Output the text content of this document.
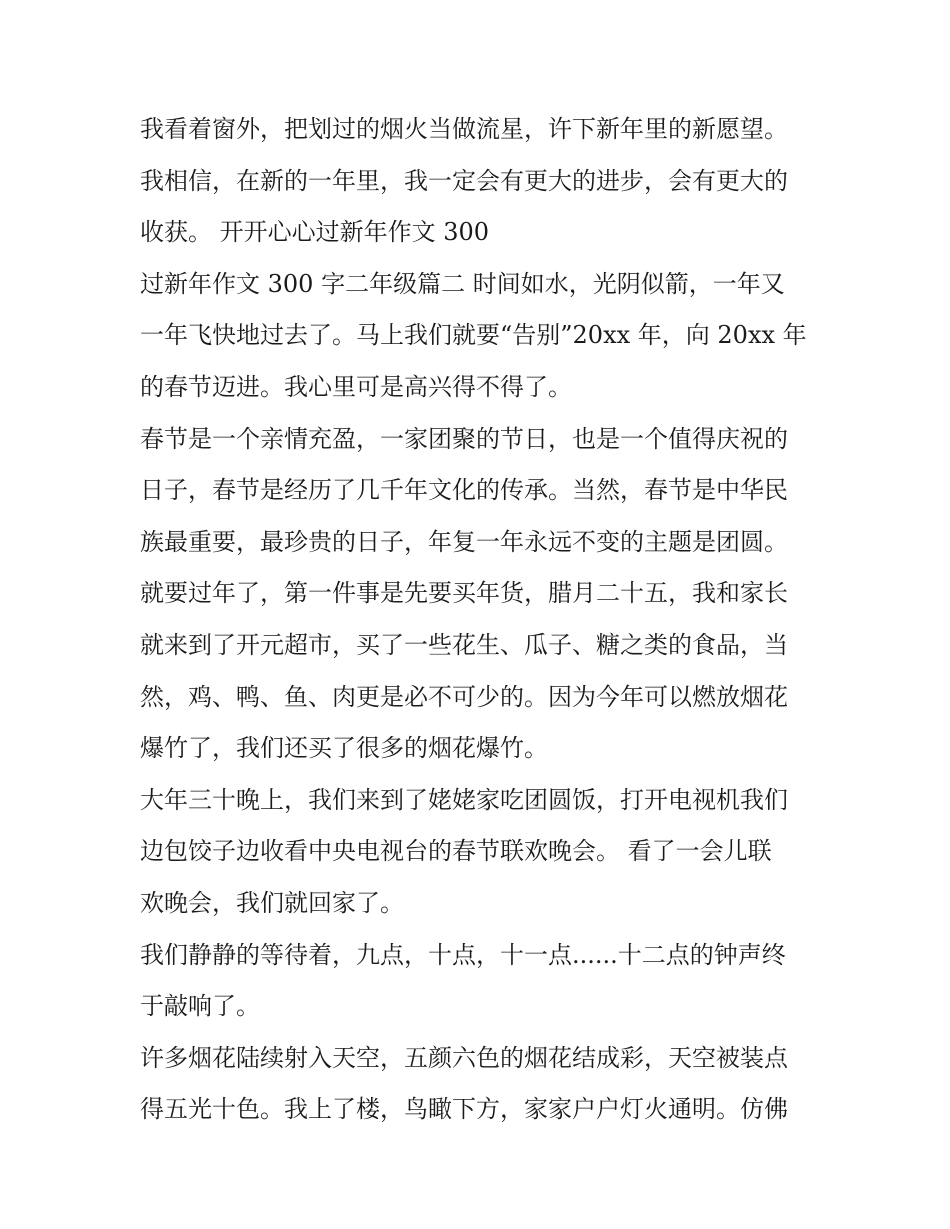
我看着窗外，把划过的烟火当做流星，许下新年里的新愿望。

我相信，在新的一年里，我一定会有更大的进步，会有更大的

收获。 开开心心过新年作文 300

过新年作文 300 字二年级篇二 时间如水，光阴似箭，一年又

一年飞快地过去了。马上我们就要“告别”20xx 年，向 20xx 年

的春节迈进。我心里可是高兴得不得了。

春节是一个亲情充盈，一家团聚的节日，也是一个值得庆祝的

日子，春节是经历了几千年文化的传承。当然，春节是中华民

族最重要，最珍贵的日子，年复一年永远不变的主题是团圆。

就要过年了，第一件事是先要买年货，腊月二十五，我和家长

就来到了开元超市，买了一些花生、瓜子、糖之类的食品，当

然，鸡、鸭、鱼、肉更是必不可少的。因为今年可以燃放烟花

爆竹了，我们还买了很多的烟花爆竹。

大年三十晚上，我们来到了姥姥家吃团圆饭，打开电视机我们

边包饺子边收看中央电视台的春节联欢晚会。 看了一会儿联

欢晚会，我们就回家了。

我们静静的等待着，九点，十点，十一点......十二点的钟声终

于敲响了。

许多烟花陆续射入天空，五颜六色的烟花结成彩，天空被装点

得五光十色。我上了楼，鸟瞰下方，家家户户灯火通明。仿佛
